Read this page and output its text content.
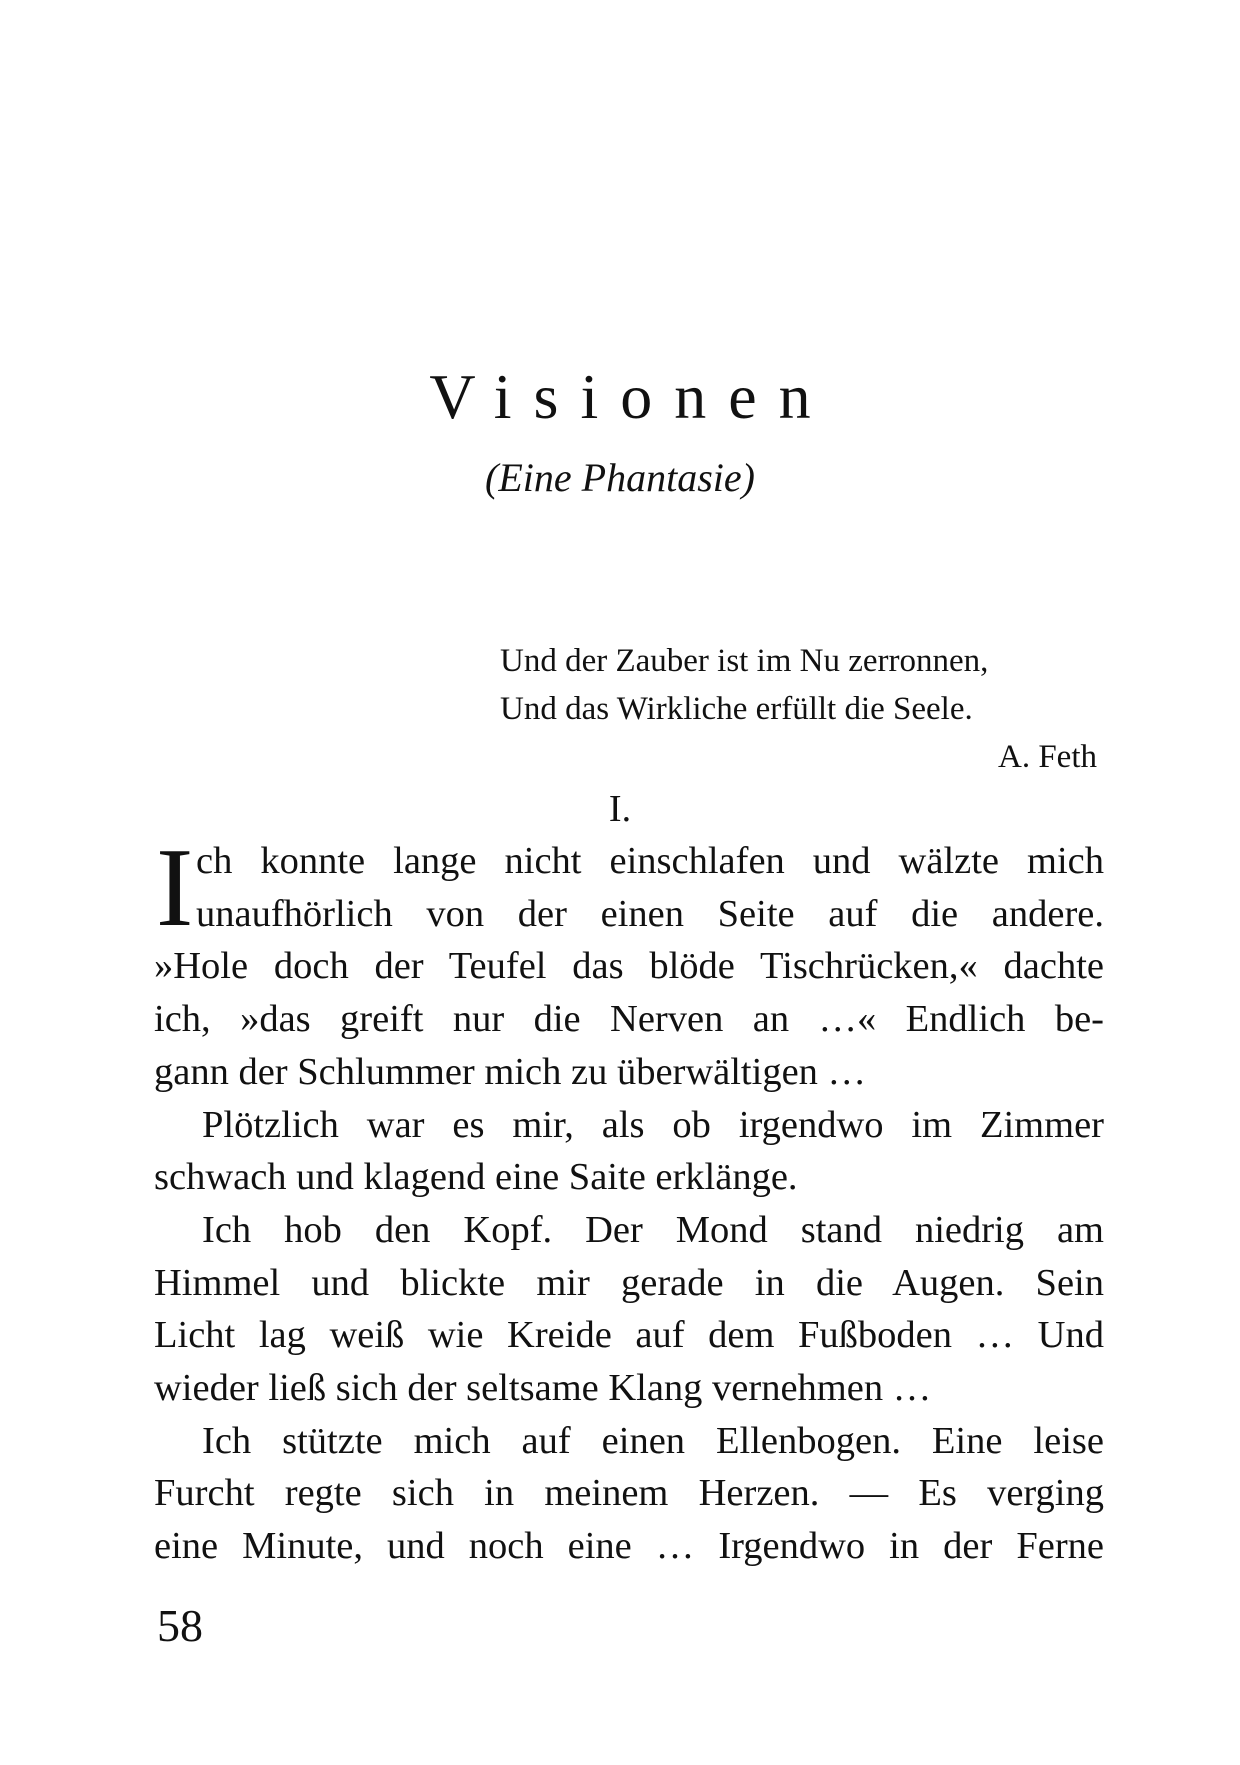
Visionen
(Eine Phantasie)
Und der Zauber ist im Nu zerronnen,
Und das Wirkliche erfüllt die Seele.
A. Feth
I.
I ch konnte lange nicht einschlafen und wälzte mich
unaufhörlich von der einen Seite auf die andere.
»Hole doch der Teufel das blöde Tischrücken,« dachte
ich, »das greift nur die Nerven an …« Endlich be-
gann der Schlummer mich zu überwältigen …
Plötzlich war es mir, als ob irgendwo im Zimmer
schwach und klagend eine Saite erklänge.
Ich hob den Kopf. Der Mond stand niedrig am
Himmel und blickte mir gerade in die Augen. Sein
Licht lag weiß wie Kreide auf dem Fußboden … Und
wieder ließ sich der seltsame Klang vernehmen …
Ich stützte mich auf einen Ellenbogen. Eine leise
Furcht regte sich in meinem Herzen. — Es verging
eine Minute, und noch eine … Irgendwo in der Ferne
58
